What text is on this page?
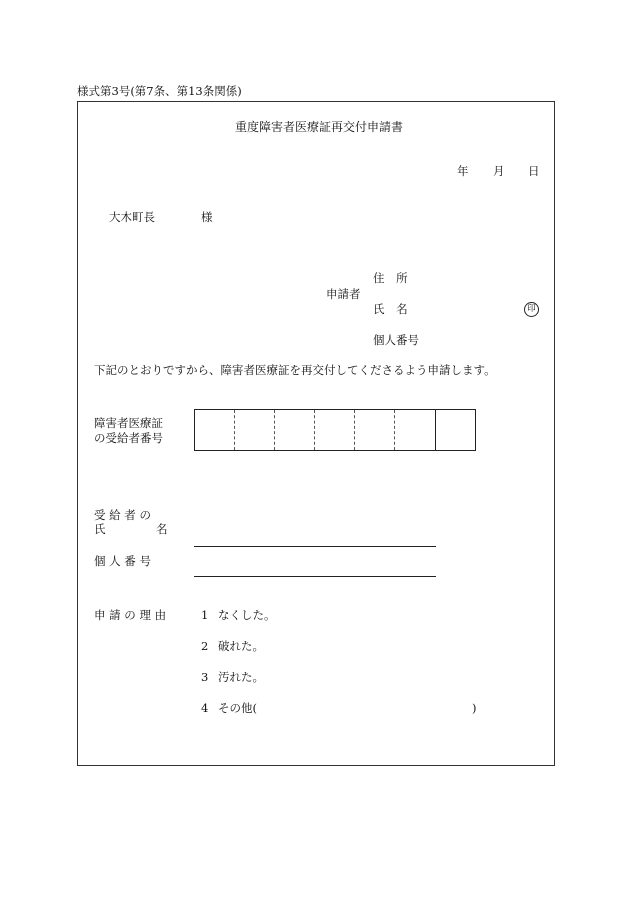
様式第3号(第7条、第13条関係)
重度障害者医療証再交付申請書
年 月 日
大木町長	様
申請者
住 所
氏 名	印
個人番号
下記のとおりですから、障害者医療証を再交付してくださるよう申請します。
障害者医療証
の受給者番号
受 給 者 の
氏	名
個 人 番 号
申 請 の 理 由	1 なくした。
2 破れた。
3 汚れた。
4 その他(	)
